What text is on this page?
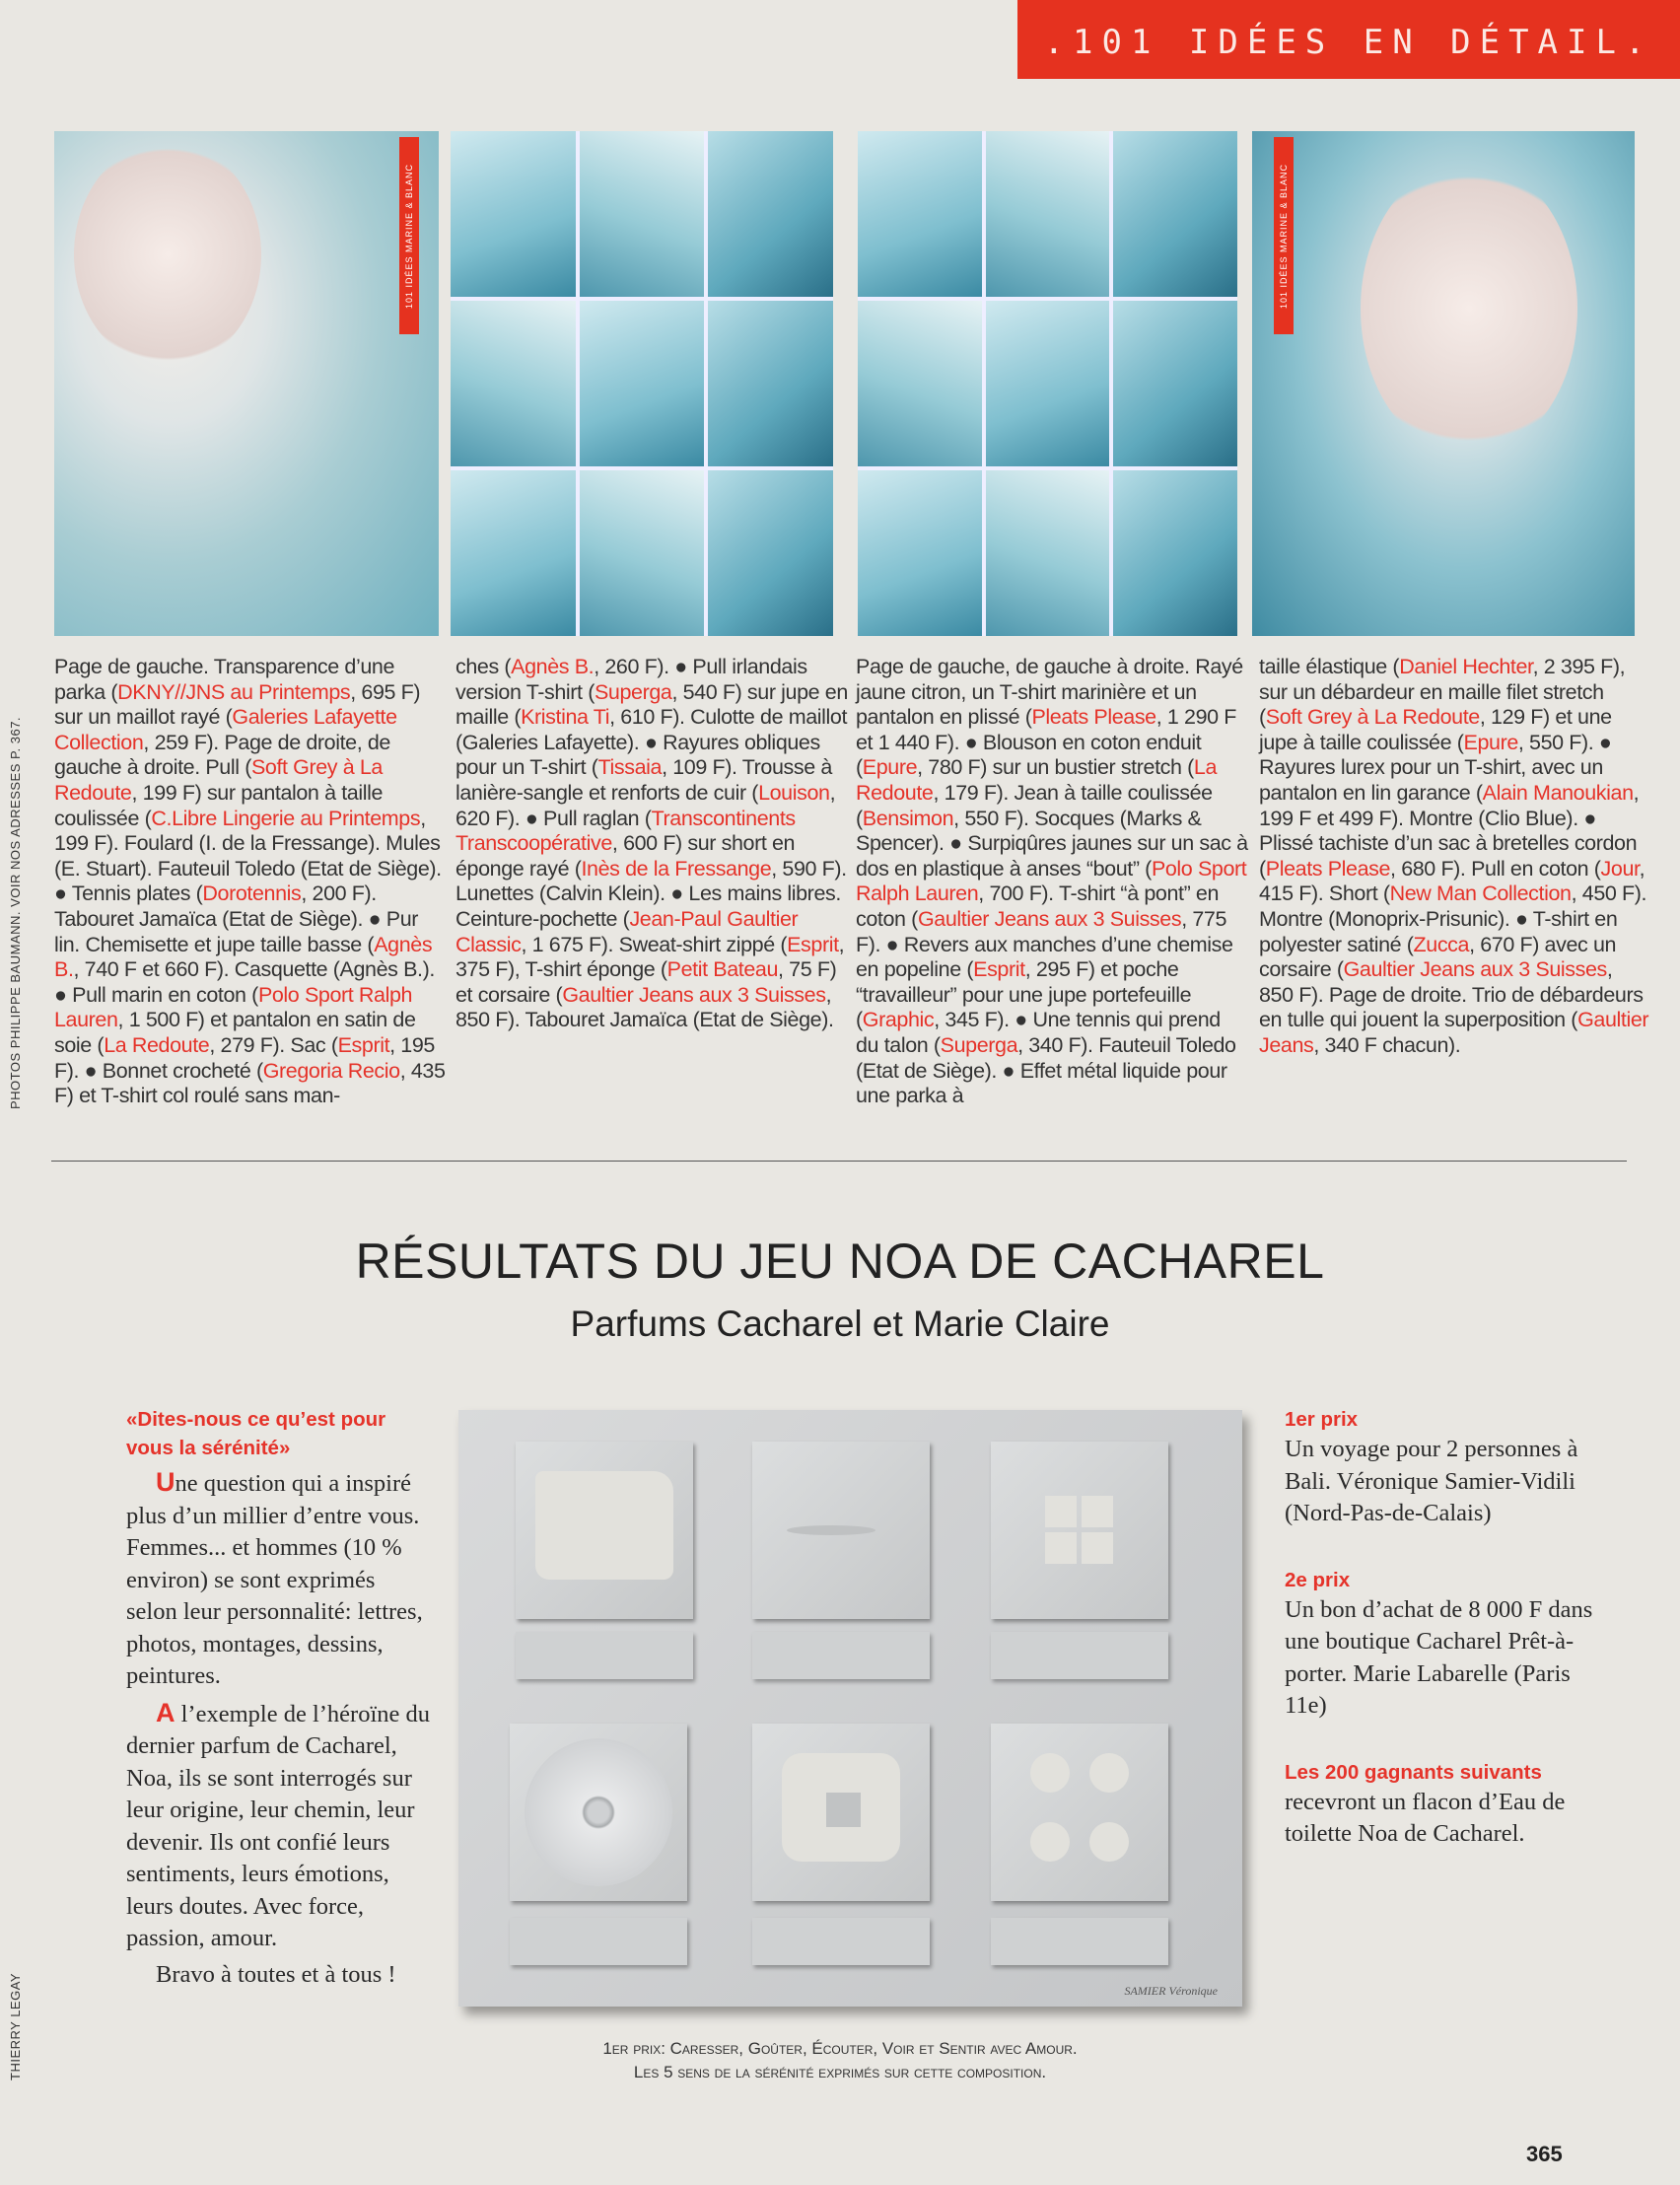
.101 IDÉES EN DÉTAIL.
101 IDÉES MARINE & BLANC	101 IDÉES MARINE & BLANC
PHOTOS PHILIPPE BAUMANN. VOIR NOS ADRESSES P. 367.
Page de gauche. Transparence d’une parka (DKNY//JNS au Printemps, 695 F) sur un maillot rayé (Galeries Lafayette Collection, 259 F). Page de droite, de gauche à droite. Pull (Soft Grey à La Redoute, 199 F) sur pantalon à taille coulissée (C.Libre Lingerie au Printemps, 199 F). Foulard (I. de la Fressange). Mules (E. Stuart). Fauteuil Toledo (Etat de Siège). ● Tennis plates (Dorotennis, 200 F). Tabouret Jamaïca (Etat de Siège). ● Pur lin. Chemisette et jupe taille basse (Agnès B., 740 F et 660 F). Casquette (Agnès B.). ● Pull marin en coton (Polo Sport Ralph Lauren, 1 500 F) et pantalon en satin de soie (La Redoute, 279 F). Sac (Esprit, 195 F). ● Bonnet crocheté (Gregoria Recio, 435 F) et T-shirt col roulé sans man-
ches (Agnès B., 260 F). ● Pull irlandais version T-shirt (Superga, 540 F) sur jupe en maille (Kristina Ti, 610 F). Culotte de maillot (Galeries Lafayette). ● Rayures obliques pour un T-shirt (Tissaia, 109 F). Trousse à lanière-sangle et renforts de cuir (Louison, 620 F). ● Pull raglan (Transcontinents Transcoopérative, 600 F) sur short en éponge rayé (Inès de la Fressange, 590 F). Lunettes (Calvin Klein). ● Les mains libres. Ceinture-pochette (Jean-Paul Gaultier Classic, 1 675 F). Sweat-shirt zippé (Esprit, 375 F), T-shirt éponge (Petit Bateau, 75 F) et corsaire (Gaultier Jeans aux 3 Suisses, 850 F). Tabouret Jamaïca (Etat de Siège).
Page de gauche, de gauche à droite. Rayé jaune citron, un T-shirt marinière et un pantalon en plissé (Pleats Please, 1 290 F et 1 440 F). ● Blouson en coton enduit (Epure, 780 F) sur un bustier stretch (La Redoute, 179 F). Jean à taille coulissée (Bensimon, 550 F). Socques (Marks & Spencer). ● Surpiqûres jaunes sur un sac à dos en plastique à anses “bout” (Polo Sport Ralph Lauren, 700 F). T-shirt “à pont” en coton (Gaultier Jeans aux 3 Suisses, 775 F). ● Revers aux manches d’une chemise en popeline (Esprit, 295 F) et poche “travailleur” pour une jupe portefeuille (Graphic, 345 F). ● Une tennis qui prend du talon (Superga, 340 F). Fauteuil Toledo (Etat de Siège). ● Effet métal liquide pour une parka à
taille élastique (Daniel Hechter, 2 395 F), sur un débardeur en maille filet stretch (Soft Grey à La Redoute, 129 F) et une jupe à taille coulissée (Epure, 550 F). ● Rayures lurex pour un T-shirt, avec un pantalon en lin garance (Alain Manoukian, 199 F et 499 F). Montre (Clio Blue). ● Plissé tachiste d’un sac à bretelles cordon (Pleats Please, 680 F). Pull en coton (Jour, 415 F). Short (New Man Collection, 450 F). Montre (Monoprix-Prisunic). ● T-shirt en polyester satiné (Zucca, 670 F) avec un corsaire (Gaultier Jeans aux 3 Suisses, 850 F). Page de droite. Trio de débardeurs en tulle qui jouent la superposition (Gaultier Jeans, 340 F chacun).
RÉSULTATS DU JEU NOA DE CACHAREL
Parfums Cacharel et Marie Claire
«Dites-nous ce qu’est pour vous la sérénité»

Une question qui a inspiré plus d’un millier d’entre vous. Femmes... et hommes (10 % environ) se sont exprimés selon leur personnalité: lettres, photos, montages, dessins, peintures.

A l’exemple de l’héroïne du dernier parfum de Cacharel, Noa, ils se sont interrogés sur leur origine, leur chemin, leur devenir. Ils ont confié leurs sentiments, leurs émotions, leurs doutes. Avec force, passion, amour.

Bravo à toutes et à tous !

SAMIER Véronique
1er prix
Un voyage pour 2 personnes à Bali. Véronique Samier-Vidili (Nord-Pas-de-Calais)
2e prix
Un bon d’achat de 8 000 F dans une boutique Cacharel Prêt-à-porter. Marie Labarelle (Paris 11e)
Les 200 gagnants suivants
recevront un flacon d’Eau de toilette Noa de Cacharel.
1er prix: Caresser, Goûter, Écouter, Voir et Sentir avec Amour.
Les 5 sens de la sérénité exprimés sur cette composition.
THIERRY LEGAY
365
